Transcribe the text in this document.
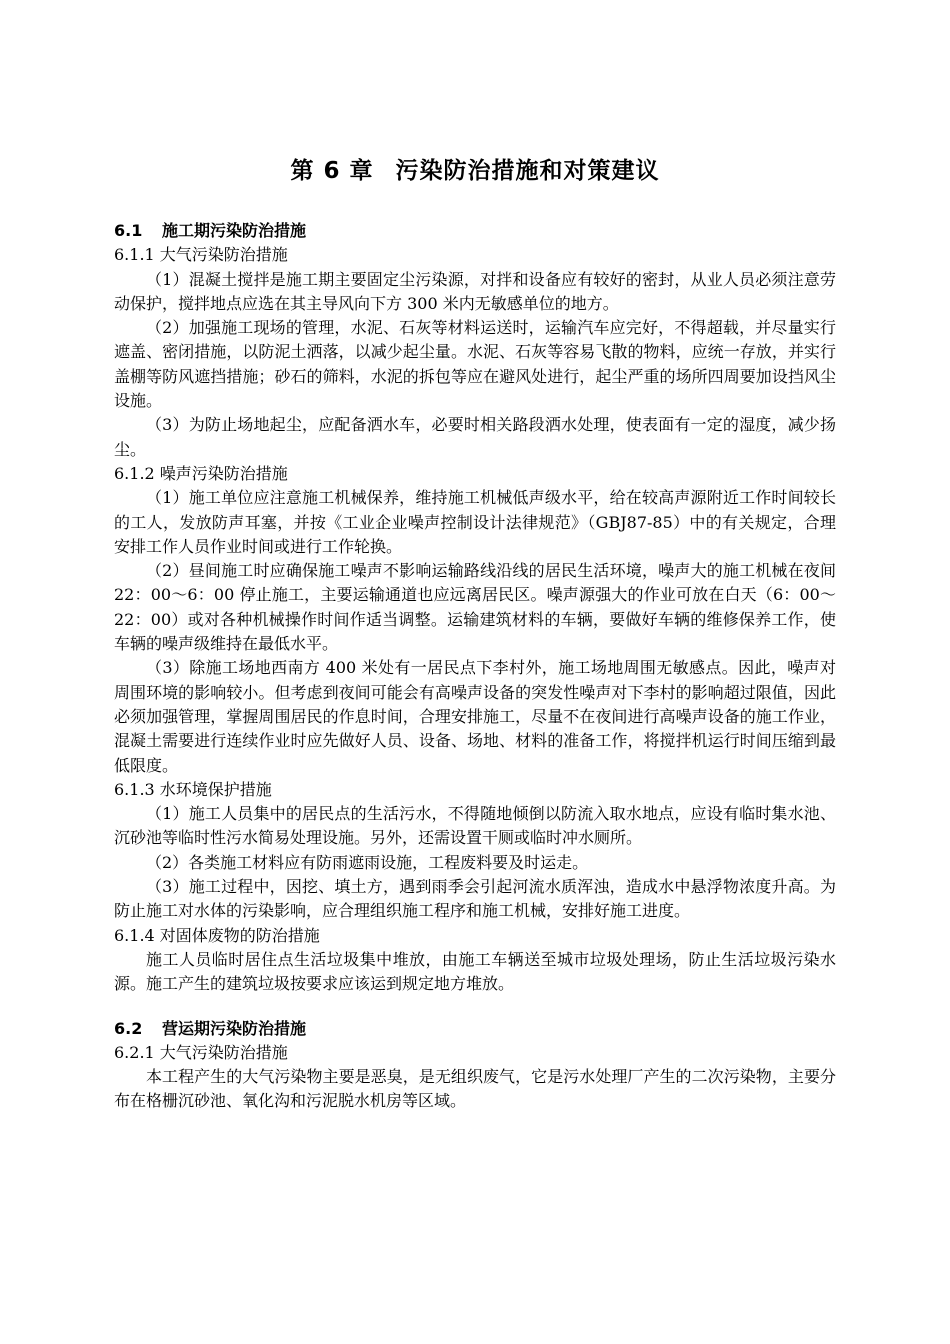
第 6 章 污染防治措施和对策建议

6.1 施工期污染防治措施

6.1.1 大气污染防治措施

（1）混凝土搅拌是施工期主要固定尘污染源，对拌和设备应有较好的密封，从业人员必须注意劳动保护，搅拌地点应选在其主导风向下方 300 米内无敏感单位的地方。

（2）加强施工现场的管理，水泥、石灰等材料运送时，运输汽车应完好，不得超载，并尽量实行遮盖、密闭措施，以防泥土洒落，以减少起尘量。水泥、石灰等容易飞散的物料，应统一存放，并实行盖棚等防风遮挡措施；砂石的筛料，水泥的拆包等应在避风处进行，起尘严重的场所四周要加设挡风尘设施。

（3）为防止场地起尘，应配备洒水车，必要时相关路段洒水处理，使表面有一定的湿度，减少扬尘。

6.1.2 噪声污染防治措施

（1）施工单位应注意施工机械保养，维持施工机械低声级水平，给在较高声源附近工作时间较长的工人，发放防声耳塞，并按《工业企业噪声控制设计法律规范》（GBJ87-85）中的有关规定，合理安排工作人员作业时间或进行工作轮换。

（2）昼间施工时应确保施工噪声不影响运输路线沿线的居民生活环境，噪声大的施工机械在夜间 22：00～6：00 停止施工，主要运输通道也应远离居民区。噪声源强大的作业可放在白天（6：00～22：00）或对各种机械操作时间作适当调整。运输建筑材料的车辆，要做好车辆的维修保养工作，使车辆的噪声级维持在最低水平。

（3）除施工场地西南方 400 米处有一居民点下李村外，施工场地周围无敏感点。因此，噪声对周围环境的影响较小。但考虑到夜间可能会有高噪声设备的突发性噪声对下李村的影响超过限值，因此必须加强管理，掌握周围居民的作息时间，合理安排施工，尽量不在夜间进行高噪声设备的施工作业，混凝土需要进行连续作业时应先做好人员、设备、场地、材料的准备工作，将搅拌机运行时间压缩到最低限度。

6.1.3 水环境保护措施

（1）施工人员集中的居民点的生活污水，不得随地倾倒以防流入取水地点，应设有临时集水池、沉砂池等临时性污水简易处理设施。另外，还需设置干厕或临时冲水厕所。

（2）各类施工材料应有防雨遮雨设施，工程废料要及时运走。

（3）施工过程中，因挖、填土方，遇到雨季会引起河流水质浑浊，造成水中悬浮物浓度升高。为防止施工对水体的污染影响，应合理组织施工程序和施工机械，安排好施工进度。

6.1.4 对固体废物的防治措施

施工人员临时居住点生活垃圾集中堆放，由施工车辆送至城市垃圾处理场，防止生活垃圾污染水源。施工产生的建筑垃圾按要求应该运到规定地方堆放。

6.2 营运期污染防治措施

6.2.1 大气污染防治措施

本工程产生的大气污染物主要是恶臭，是无组织废气，它是污水处理厂产生的二次污染物，主要分布在格栅沉砂池、氧化沟和污泥脱水机房等区域。
